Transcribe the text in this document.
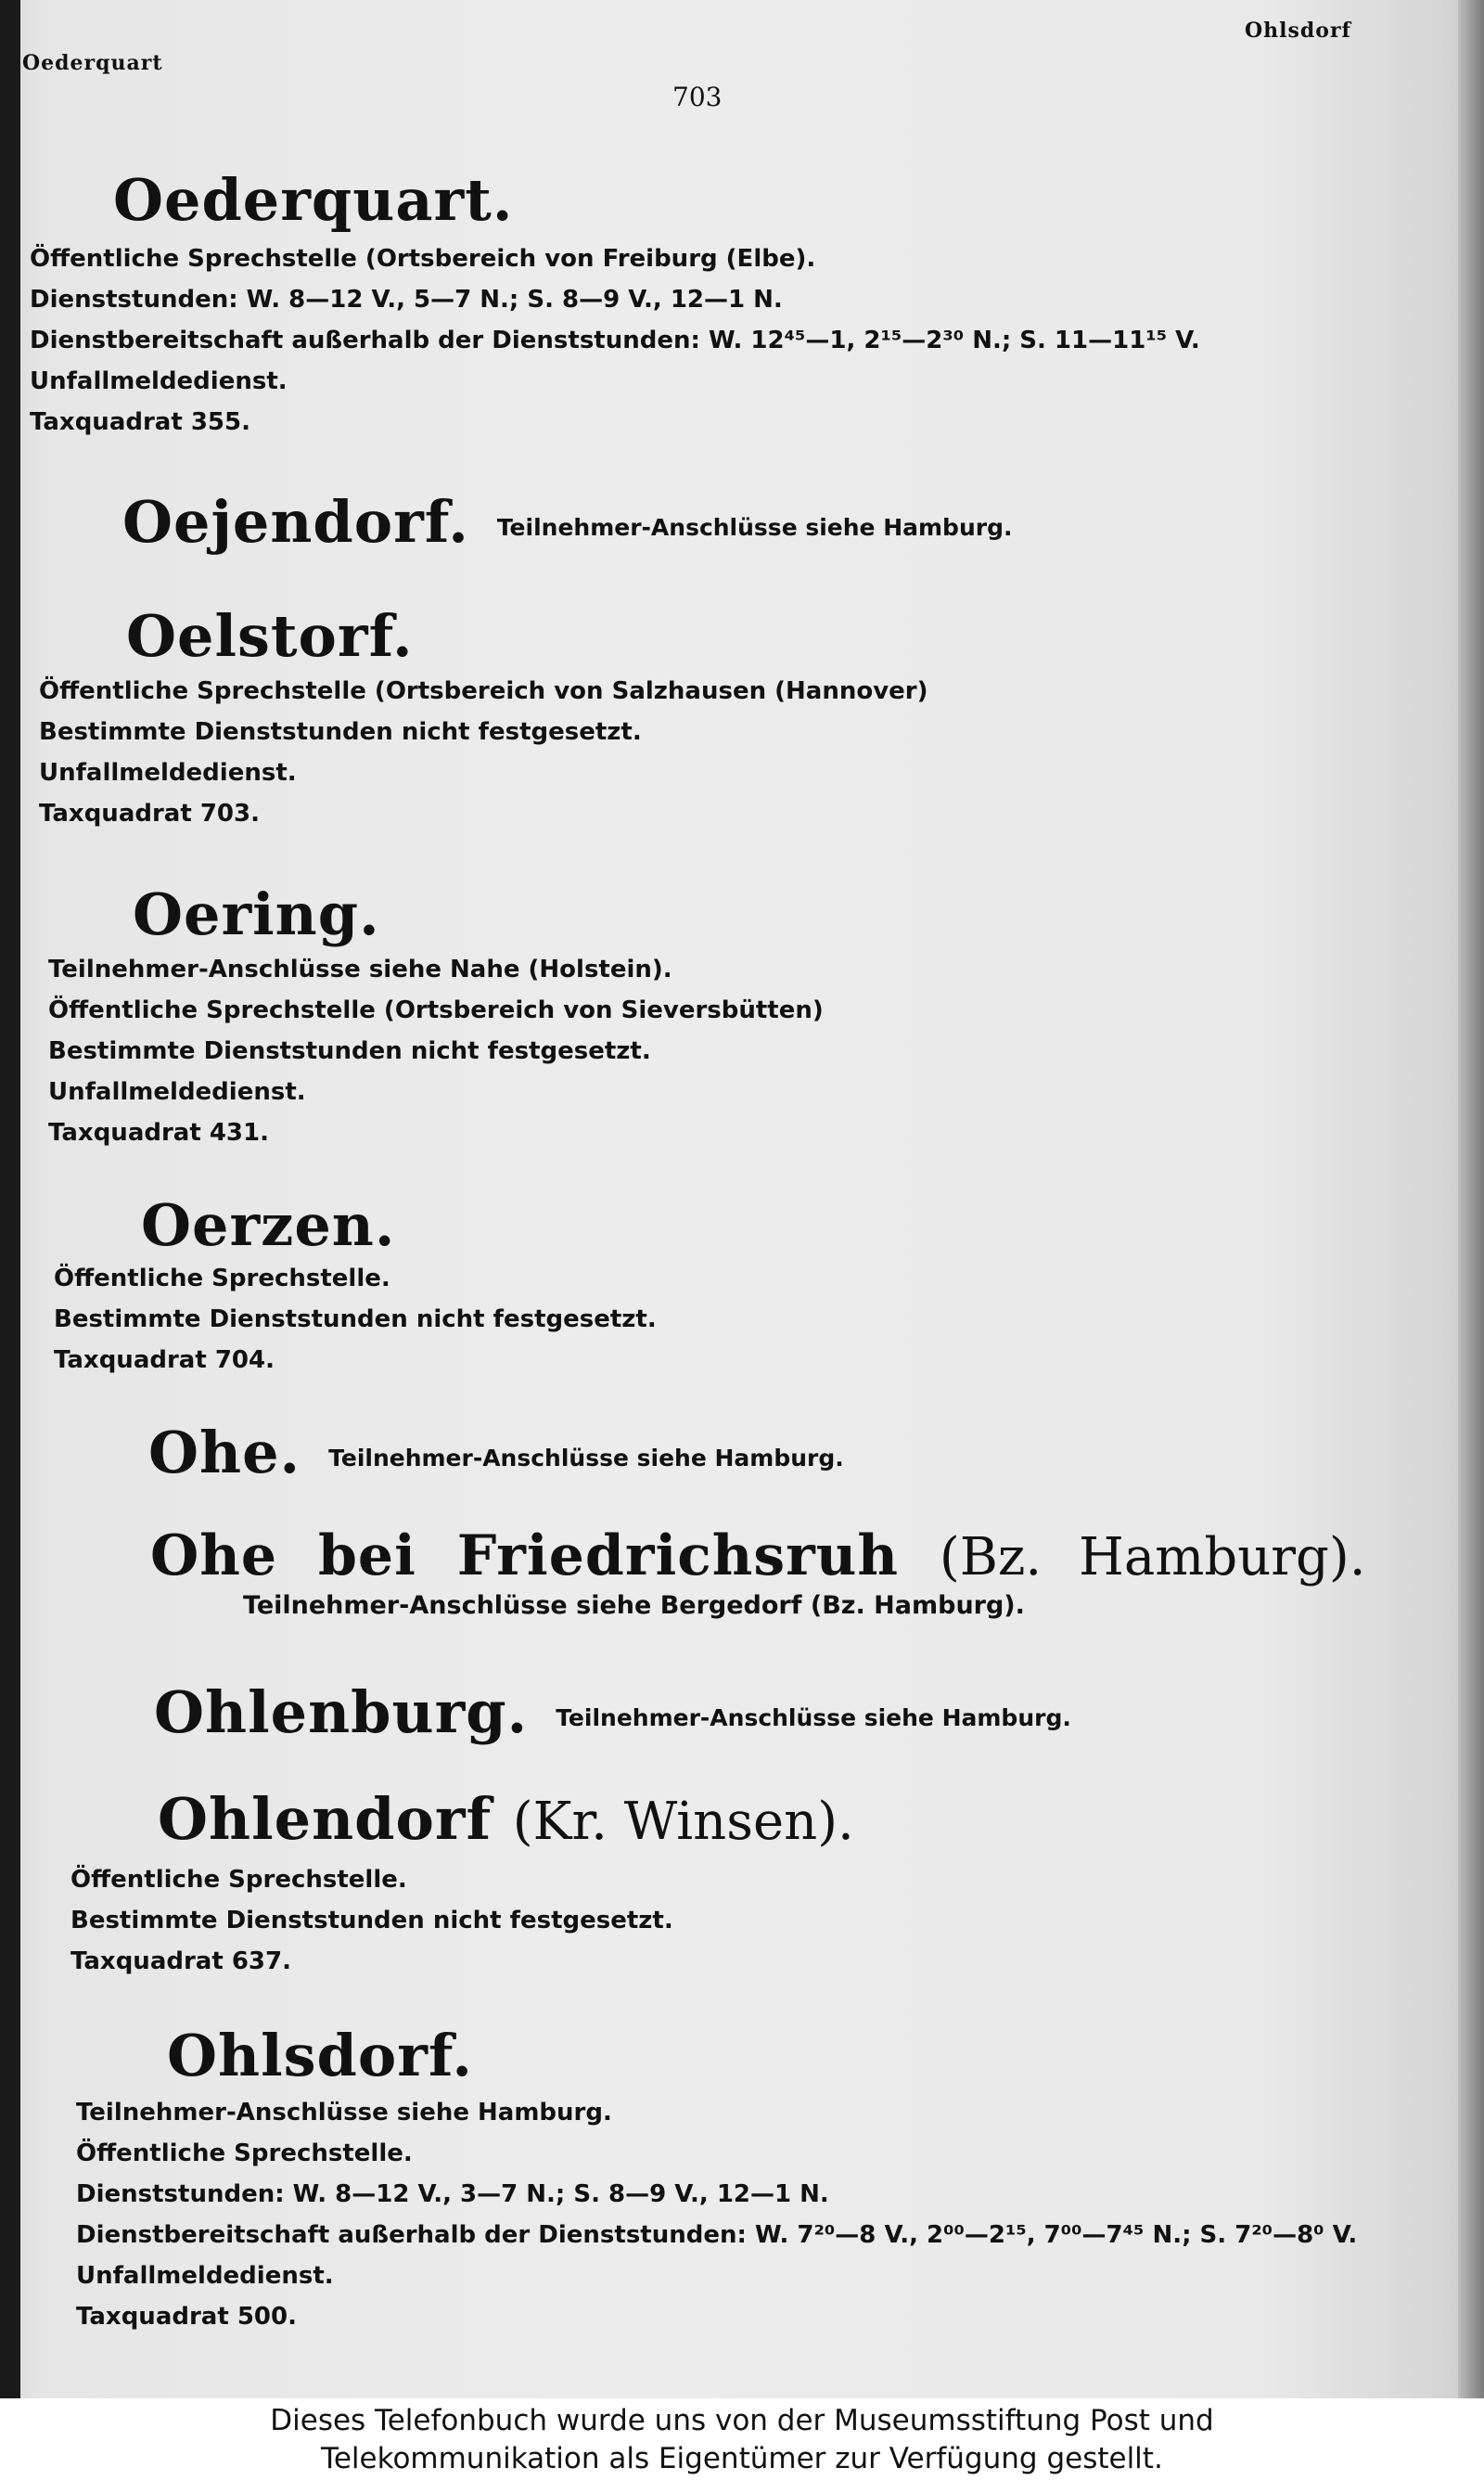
Oederquart
Ohlsdorf
703
Oederquart.
Öffentliche Sprechstelle (Ortsbereich von Freiburg (Elbe).
Dienststunden: W. 8—12 V., 5—7 N.; S. 8—9 V., 12—1 N.
Dienstbereitschaft außerhalb der Dienststunden: W. 12⁴⁵—1, 2¹⁵—2³⁰ N.; S. 11—11¹⁵ V.
Unfallmeldedienst.
Taxquadrat 355.
Oejendorf. Teilnehmer-Anschlüsse siehe Hamburg.
Oelstorf.
Öffentliche Sprechstelle (Ortsbereich von Salzhausen (Hannover)
Bestimmte Dienststunden nicht festgesetzt.
Unfallmeldedienst.
Taxquadrat 703.
Oering.
Teilnehmer-Anschlüsse siehe Nahe (Holstein).
Öffentliche Sprechstelle (Ortsbereich von Sieversbütten)
Bestimmte Dienststunden nicht festgesetzt.
Unfallmeldedienst.
Taxquadrat 431.
Oerzen.
Öffentliche Sprechstelle.
Bestimmte Dienststunden nicht festgesetzt.
Taxquadrat 704.
Ohe. Teilnehmer-Anschlüsse siehe Hamburg.
Ohe bei Friedrichsruh (Bz. Hamburg).
Teilnehmer-Anschlüsse siehe Bergedorf (Bz. Hamburg).
Ohlenburg. Teilnehmer-Anschlüsse siehe Hamburg.
Ohlendorf (Kr. Winsen).
Öffentliche Sprechstelle.
Bestimmte Dienststunden nicht festgesetzt.
Taxquadrat 637.
Ohlsdorf.
Teilnehmer-Anschlüsse siehe Hamburg.
Öffentliche Sprechstelle.
Dienststunden: W. 8—12 V., 3—7 N.; S. 8—9 V., 12—1 N.
Dienstbereitschaft außerhalb der Dienststunden: W. 7²⁰—8 V., 2⁰⁰—2¹⁵, 7⁰⁰—7⁴⁵ N.; S. 7²⁰—8⁰ V.
Unfallmeldedienst.
Taxquadrat 500.
Dieses Telefonbuch wurde uns von der Museumsstiftung Post und
Telekommunikation als Eigentümer zur Verfügung gestellt.
